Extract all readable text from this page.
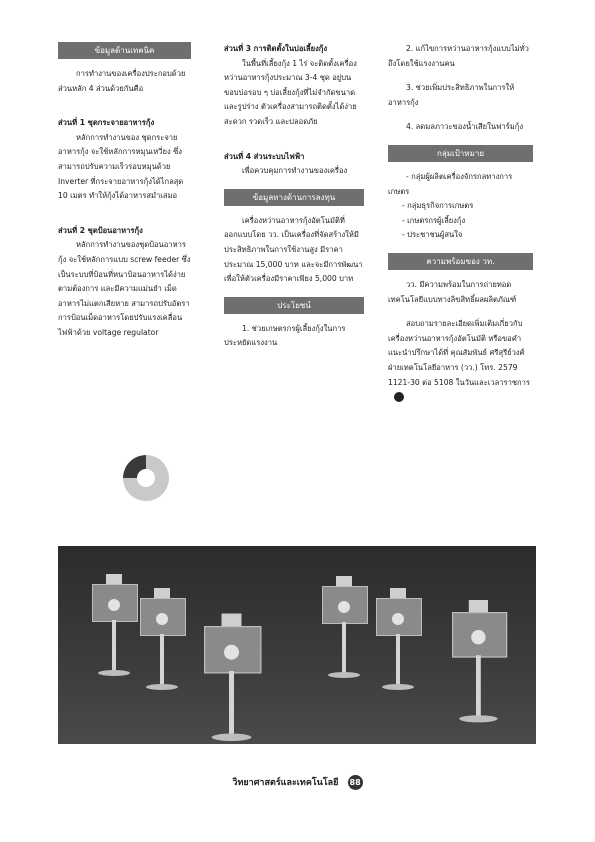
ข้อมูลด้านเทคนิค

การทำงานของเครื่องประกอบด้วยส่วนหลัก 4 ส่วนด้วยกันคือ

ส่วนที่ 1 ชุดกระจายอาหารกุ้ง

หลักการทำงานของ ชุดกระจายอาหารกุ้ง จะใช้หลักการหมุนเหวี่ยง ซึ่งสามารถปรับความเร็วรอบหมุนด้วย Inverter ที่กระจายอาหารกุ้งได้ไกลสุด 10 เมตร ทำให้กุ้งได้อาหารสม่ำเสมอ

ส่วนที่ 2 ชุดป้อนอาหารกุ้ง

หลักการทำงานของชุดป้อนอาหารกุ้ง จะใช้หลักการแบบ screw feeder ซึ่งเป็นระบบที่ป้อนที่หนาป้อนอาหารได้ง่ายตามต้องการ และมีความแม่นยำ เม็ดอาหารไม่แตกเสียหาย สามารถปรับอัตราการป้อนเม็ดอาหารโดยปรับแรงเคลื่อนไฟฟ้าด้วย voltage regulator

ส่วนที่ 3 การติดตั้งในบ่อเลี้ยงกุ้ง

ในพื้นที่เลี้ยงกุ้ง 1 ไร่ จะติดตั้งเครื่องหว่านอาหารกุ้งประมาณ 3-4 ชุด อยู่บนขอบบ่อรอบ ๆ บ่อเลี้ยงกุ้งที่ไม่จำกัดขนาดและรูปร่าง ตัวเครื่องสามารถติดตั้งได้ง่าย สะดวก รวดเร็ว และปลอดภัย

ส่วนที่ 4 ส่วนระบบไฟฟ้า

เพื่อควบคุมการทำงานของเครื่อง

ข้อมูลทางด้านการลงทุน

เครื่องหว่านอาหารกุ้งอัตโนมัติที่ออกแบบโดย วว. เป็นเครื่องที่จัดสร้างให้มีประสิทธิภาพในการใช้งานสูง มีราคาประมาณ 15,000 บาท และจะมีการพัฒนาเพื่อให้ตัวเครื่องมีราคาเพียง 5,000 บาท

ประโยชน์

1. ช่วยเกษตรกรผู้เลี้ยงกุ้งในการประหยัดแรงงาน

2. แก้ไขการหว่านอาหารกุ้งแบบไม่ทั่วถึงโดยใช้แรงงานคน

3. ช่วยเพิ่มประสิทธิภาพในการให้อาหารกุ้ง

4. ลดมลภาวะของน้ำเสียในฟาร์มกุ้ง

กลุ่มเป้าหมาย

- กลุ่มผู้ผลิตเครื่องจักรกลทางการเกษตร

- กลุ่มธุรกิจการเกษตร
- เกษตรกรผู้เลี้ยงกุ้ง
- ประชาชนผู้สนใจ
ความพร้อมของ วท.

วว. มีความพร้อมในการถ่ายทอดเทคโนโลยีแบบทางลิขสิทธิ์ผลผลิตภัณฑ์

สอบถามรายละเอียดเพิ่มเติมเกี่ยวกับเครื่องหว่านอาหารกุ้งอัตโนมัติ หรือขอคำแนะนำปรึกษาได้ที่ คุณสัมพันธ์ ศรีสุรีย์วงศ์ ฝ่ายเทคโนโลยีอาหาร (วว.) โทร. 2579 1121-30 ต่อ 5108 ในวันและเวลาราชการ

วิทยาศาสตร์และเทคโนโลยี 88
